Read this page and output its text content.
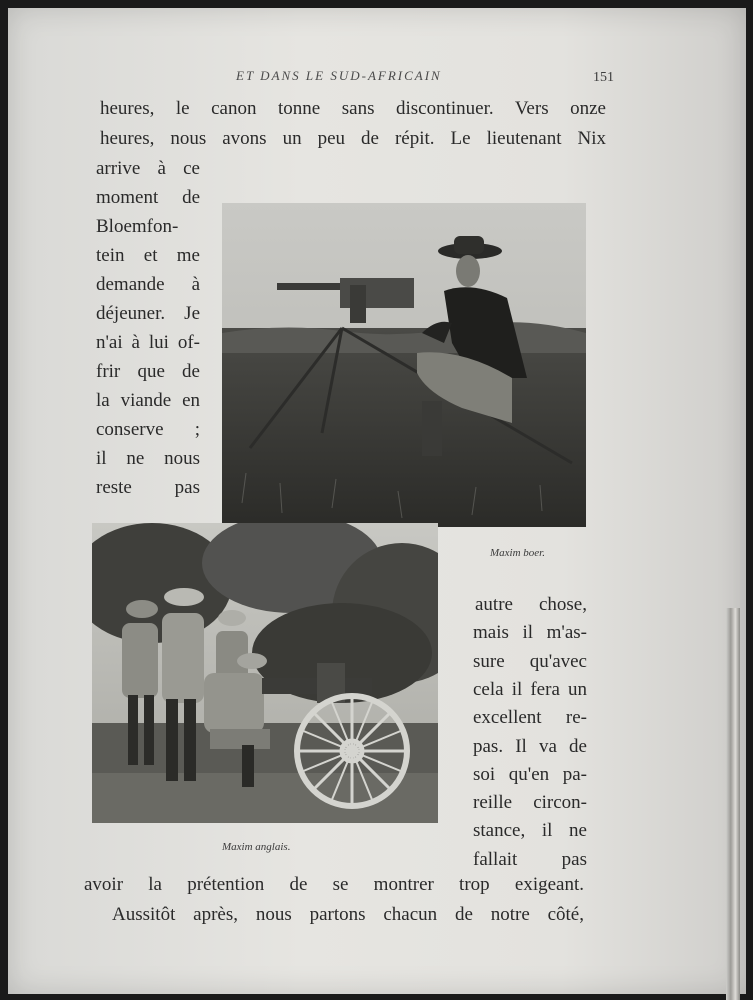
ET DANS LE SUD-AFRICAIN	151
heures, le canon tonne sans discontinuer. Vers onze
heures, nous avons un peu de répit. Le lieutenant Nix
arrive à ce
moment de
Bloemfon-
tein et me
demande à
déjeuner. Je
n'ai à lui of-
frir que de
la viande en
conserve ;
il ne nous
reste pas
autre chose,
mais il m'as-
sure qu'avec
cela il fera un
excellent re-
pas. Il va de
soi qu'en pa-
reille circon-
stance, il ne
fallait pas
avoir la prétention de se montrer trop exigeant.
Aussitôt après, nous partons chacun de notre côté,
Maxim boer.
Maxim anglais.
